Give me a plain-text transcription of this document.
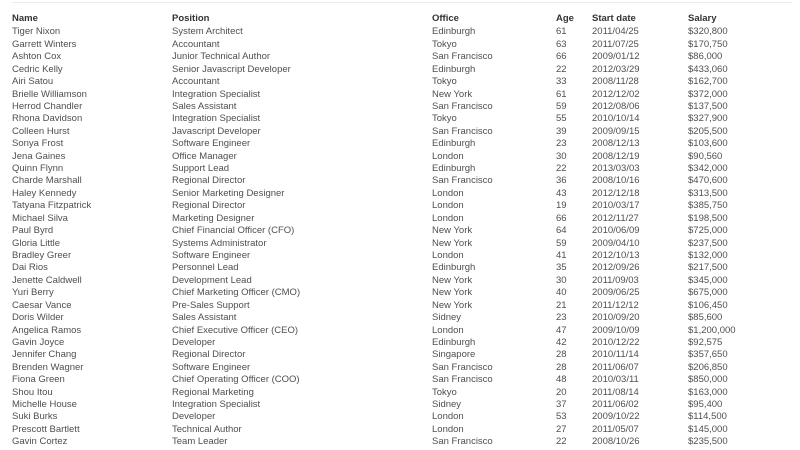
Name	Position	Office	Age	Start date	Salary
Tiger Nixon	System Architect	Edinburgh	61	2011/04/25	$320,800
Garrett Winters	Accountant	Tokyo	63	2011/07/25	$170,750
Ashton Cox	Junior Technical Author	San Francisco	66	2009/01/12	$86,000
Cedric Kelly	Senior Javascript Developer	Edinburgh	22	2012/03/29	$433,060
Airi Satou	Accountant	Tokyo	33	2008/11/28	$162,700
Brielle Williamson	Integration Specialist	New York	61	2012/12/02	$372,000
Herrod Chandler	Sales Assistant	San Francisco	59	2012/08/06	$137,500
Rhona Davidson	Integration Specialist	Tokyo	55	2010/10/14	$327,900
Colleen Hurst	Javascript Developer	San Francisco	39	2009/09/15	$205,500
Sonya Frost	Software Engineer	Edinburgh	23	2008/12/13	$103,600
Jena Gaines	Office Manager	London	30	2008/12/19	$90,560
Quinn Flynn	Support Lead	Edinburgh	22	2013/03/03	$342,000
Charde Marshall	Regional Director	San Francisco	36	2008/10/16	$470,600
Haley Kennedy	Senior Marketing Designer	London	43	2012/12/18	$313,500
Tatyana Fitzpatrick	Regional Director	London	19	2010/03/17	$385,750
Michael Silva	Marketing Designer	London	66	2012/11/27	$198,500
Paul Byrd	Chief Financial Officer (CFO)	New York	64	2010/06/09	$725,000
Gloria Little	Systems Administrator	New York	59	2009/04/10	$237,500
Bradley Greer	Software Engineer	London	41	2012/10/13	$132,000
Dai Rios	Personnel Lead	Edinburgh	35	2012/09/26	$217,500
Jenette Caldwell	Development Lead	New York	30	2011/09/03	$345,000
Yuri Berry	Chief Marketing Officer (CMO)	New York	40	2009/06/25	$675,000
Caesar Vance	Pre-Sales Support	New York	21	2011/12/12	$106,450
Doris Wilder	Sales Assistant	Sidney	23	2010/09/20	$85,600
Angelica Ramos	Chief Executive Officer (CEO)	London	47	2009/10/09	$1,200,000
Gavin Joyce	Developer	Edinburgh	42	2010/12/22	$92,575
Jennifer Chang	Regional Director	Singapore	28	2010/11/14	$357,650
Brenden Wagner	Software Engineer	San Francisco	28	2011/06/07	$206,850
Fiona Green	Chief Operating Officer (COO)	San Francisco	48	2010/03/11	$850,000
Shou Itou	Regional Marketing	Tokyo	20	2011/08/14	$163,000
Michelle House	Integration Specialist	Sidney	37	2011/06/02	$95,400
Suki Burks	Developer	London	53	2009/10/22	$114,500
Prescott Bartlett	Technical Author	London	27	2011/05/07	$145,000
Gavin Cortez	Team Leader	San Francisco	22	2008/10/26	$235,500
